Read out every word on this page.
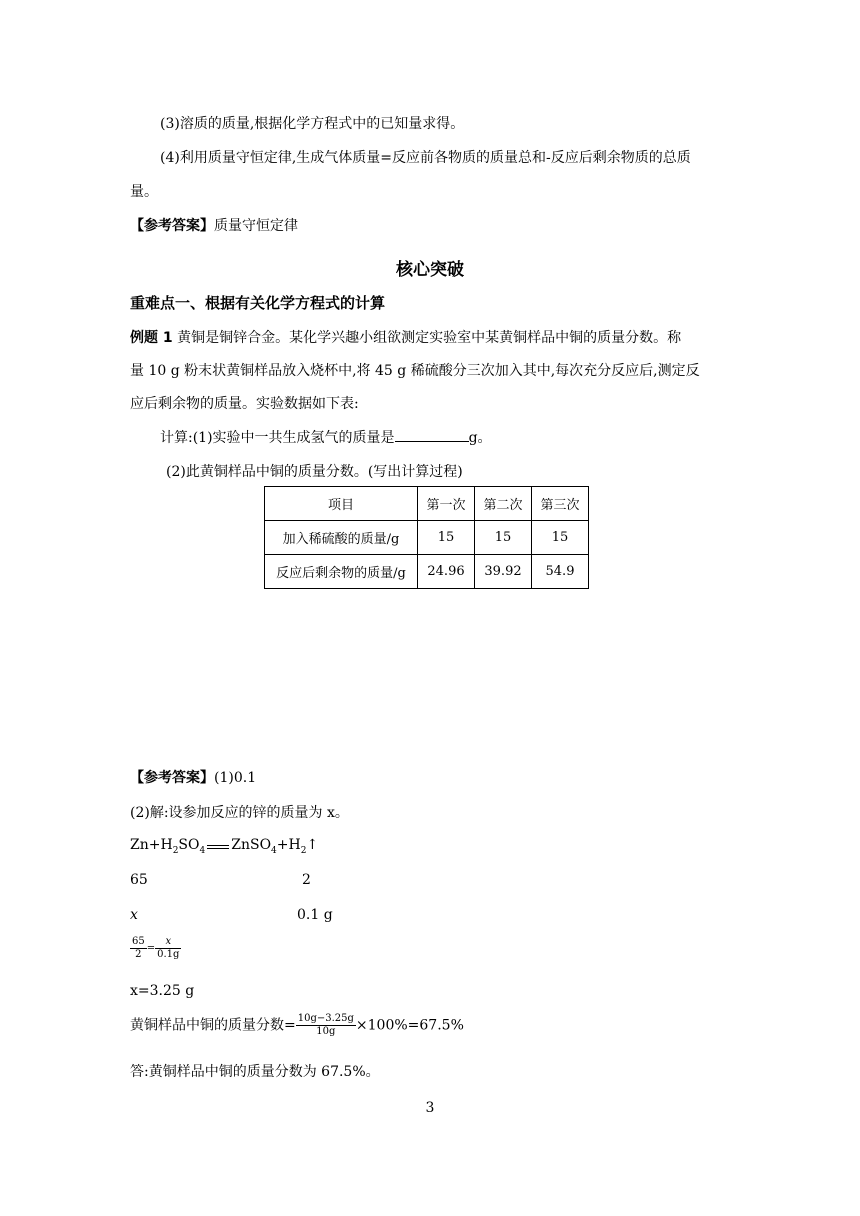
(3)溶质的质量,根据化学方程式中的已知量求得。
(4)利用质量守恒定律,生成气体质量=反应前各物质的质量总和-反应后剩余物质的总质
量。
【参考答案】质量守恒定律
核心突破
重难点一、根据有关化学方程式的计算
例题 1 黄铜是铜锌合金。某化学兴趣小组欲测定实验室中某黄铜样品中铜的质量分数。称
量 10 g 粉末状黄铜样品放入烧杯中,将 45 g 稀硫酸分三次加入其中,每次充分反应后,测定反
应后剩余物的质量。实验数据如下表:
计算:(1)实验中一共生成氢气的质量是	g。
(2)此黄铜样品中铜的质量分数。(写出计算过程)
项目	第一次	第二次	第三次
加入稀硫酸的质量/g	15	15	15
反应后剩余物的质量/g	24.96	39.92	54.9
【参考答案】(1)0.1
(2)解:设参加反应的锌的质量为 x。
$Zn+H_2SO_4$ $ZnSO_4+H_2↑$
65	2
x	0.1 g
$\frac{65}{2} = \frac{x}{0.1g}$
x=3.25 g
黄铜样品中铜的质量分数= $\frac{10g-3.25g}{10g} \times 100\%=67.5\%$
答:黄铜样品中铜的质量分数为 67.5%。
3
